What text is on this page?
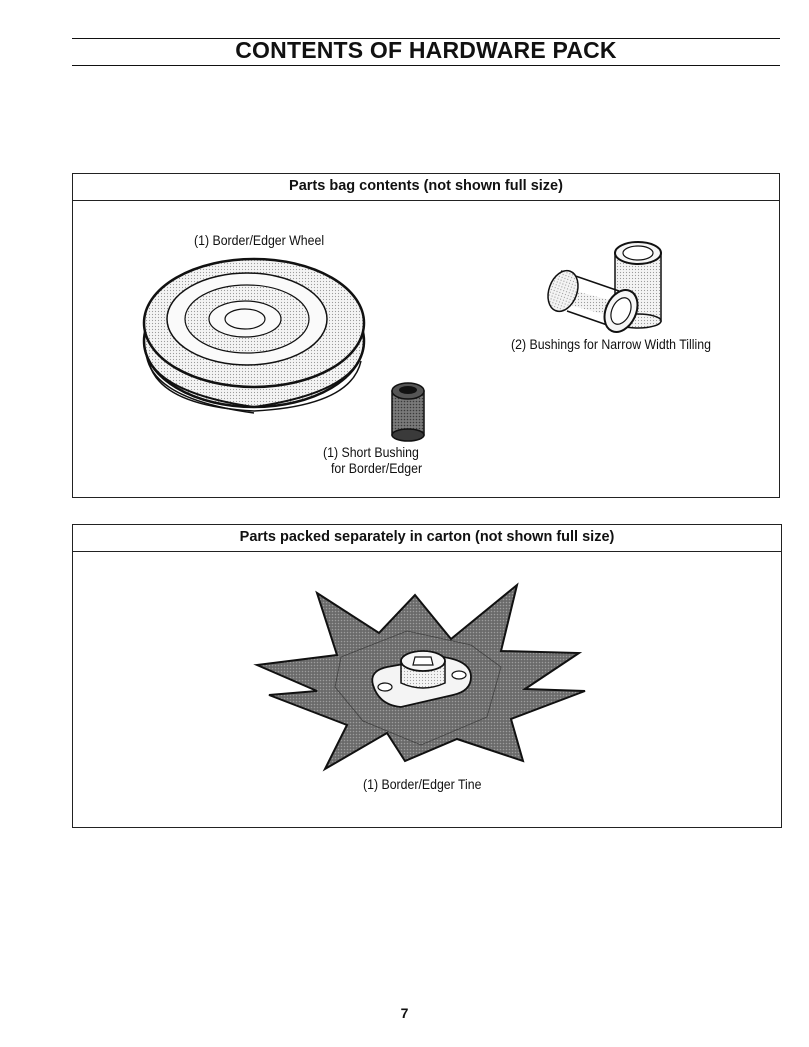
CONTENTS OF HARDWARE PACK
Parts bag contents (not shown full size)
(1) Border/Edger Wheel
(2) Bushings for Narrow Width Tilling
(1) Short Bushing
for Border/Edger
Parts packed separately in carton (not shown full size)
(1) Border/Edger Tine
7
